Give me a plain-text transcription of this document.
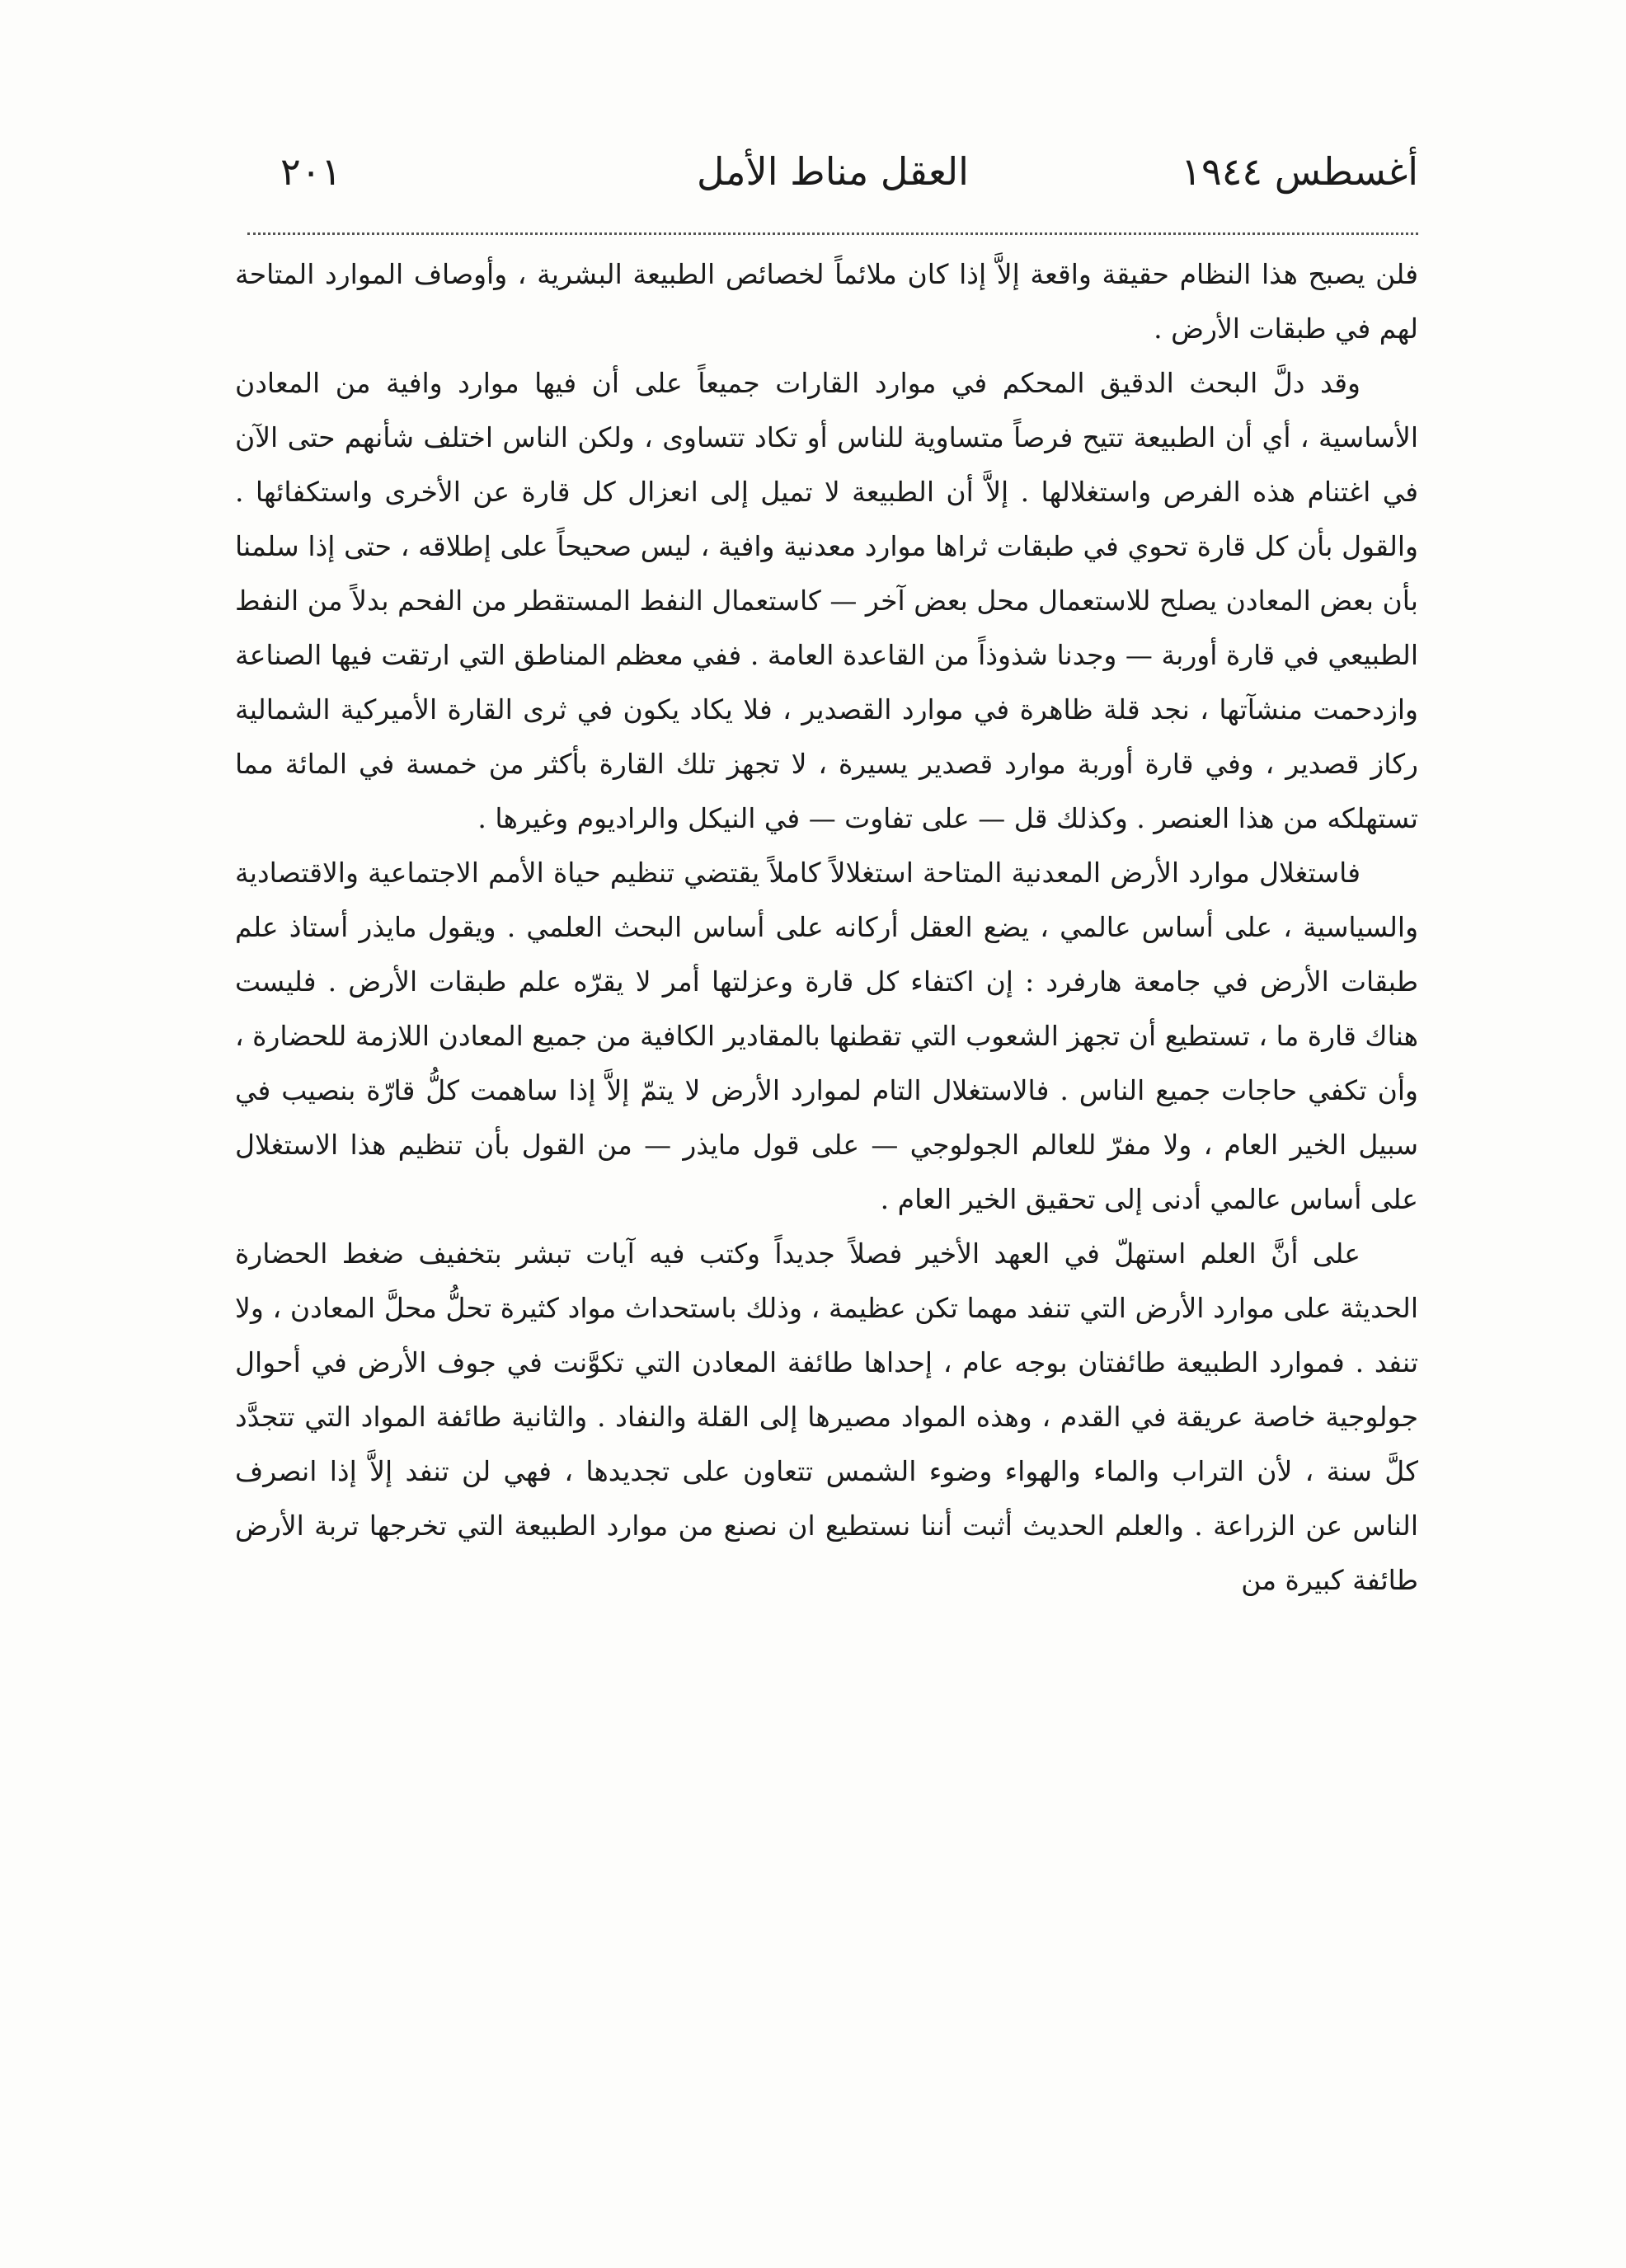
أغسطس ١٩٤٤
العقل مناط الأمل
٢٠١

فلن يصبح هذا النظام حقيقة واقعة إلاَّ إذا كان ملائماً لخصائص الطبيعة البشرية ، وأوصاف الموارد المتاحة لهم في طبقات الأرض .

وقد دلَّ البحث الدقيق المحكم في موارد القارات جميعاً على أن فيها موارد وافية من المعادن الأساسية ، أي أن الطبيعة تتيح فرصاً متساوية للناس أو تكاد تتساوى ، ولكن الناس اختلف شأنهم حتى الآن في اغتنام هذه الفرص واستغلالها . إلاَّ أن الطبيعة لا تميل إلى انعزال كل قارة عن الأخرى واستكفائها . والقول بأن كل قارة تحوي في طبقات ثراها موارد معدنية وافية ، ليس صحيحاً على إطلاقه ، حتى إذا سلمنا بأن بعض المعادن يصلح للاستعمال محل بعض آخر — كاستعمال النفط المستقطر من الفحم بدلاً من النفط الطبيعي في قارة أوربة — وجدنا شذوذاً من القاعدة العامة . ففي معظم المناطق التي ارتقت فيها الصناعة وازدحمت منشآتها ، نجد قلة ظاهرة في موارد القصدير ، فلا يكاد يكون في ثرى القارة الأميركية الشمالية ركاز قصدير ، وفي قارة أوربة موارد قصدير يسيرة ، لا تجهز تلك القارة بأكثر من خمسة في المائة مما تستهلكه من هذا العنصر . وكذلك قل — على تفاوت — في النيكل والراديوم وغيرها .

فاستغلال موارد الأرض المعدنية المتاحة استغلالاً كاملاً يقتضي تنظيم حياة الأمم الاجتماعية والاقتصادية والسياسية ، على أساس عالمي ، يضع العقل أركانه على أساس البحث العلمي . ويقول مايذر أستاذ علم طبقات الأرض في جامعة هارفرد : إن اكتفاء كل قارة وعزلتها أمر لا يقرّه علم طبقات الأرض . فليست هناك قارة ما ، تستطيع أن تجهز الشعوب التي تقطنها بالمقادير الكافية من جميع المعادن اللازمة للحضارة ، وأن تكفي حاجات جميع الناس . فالاستغلال التام لموارد الأرض لا يتمّ إلاَّ إذا ساهمت كلُّ قارّة بنصيب في سبيل الخير العام ، ولا مفرّ للعالم الجولوجي — على قول مايذر — من القول بأن تنظيم هذا الاستغلال على أساس عالمي أدنى إلى تحقيق الخير العام .

على أنَّ العلم استهلّ في العهد الأخير فصلاً جديداً وكتب فيه آيات تبشر بتخفيف ضغط الحضارة الحديثة على موارد الأرض التي تنفد مهما تكن عظيمة ، وذلك باستحداث مواد كثيرة تحلُّ محلَّ المعادن ، ولا تنفد . فموارد الطبيعة طائفتان بوجه عام ، إحداها طائفة المعادن التي تكوَّنت في جوف الأرض في أحوال جولوجية خاصة عريقة في القدم ، وهذه المواد مصيرها إلى القلة والنفاد . والثانية طائفة المواد التي تتجدَّد كلَّ سنة ، لأن التراب والماء والهواء وضوء الشمس تتعاون على تجديدها ، فهي لن تنفد إلاَّ إذا انصرف الناس عن الزراعة . والعلم الحديث أثبت أننا نستطيع ان نصنع من موارد الطبيعة التي تخرجها تربة الأرض طائفة كبيرة من
